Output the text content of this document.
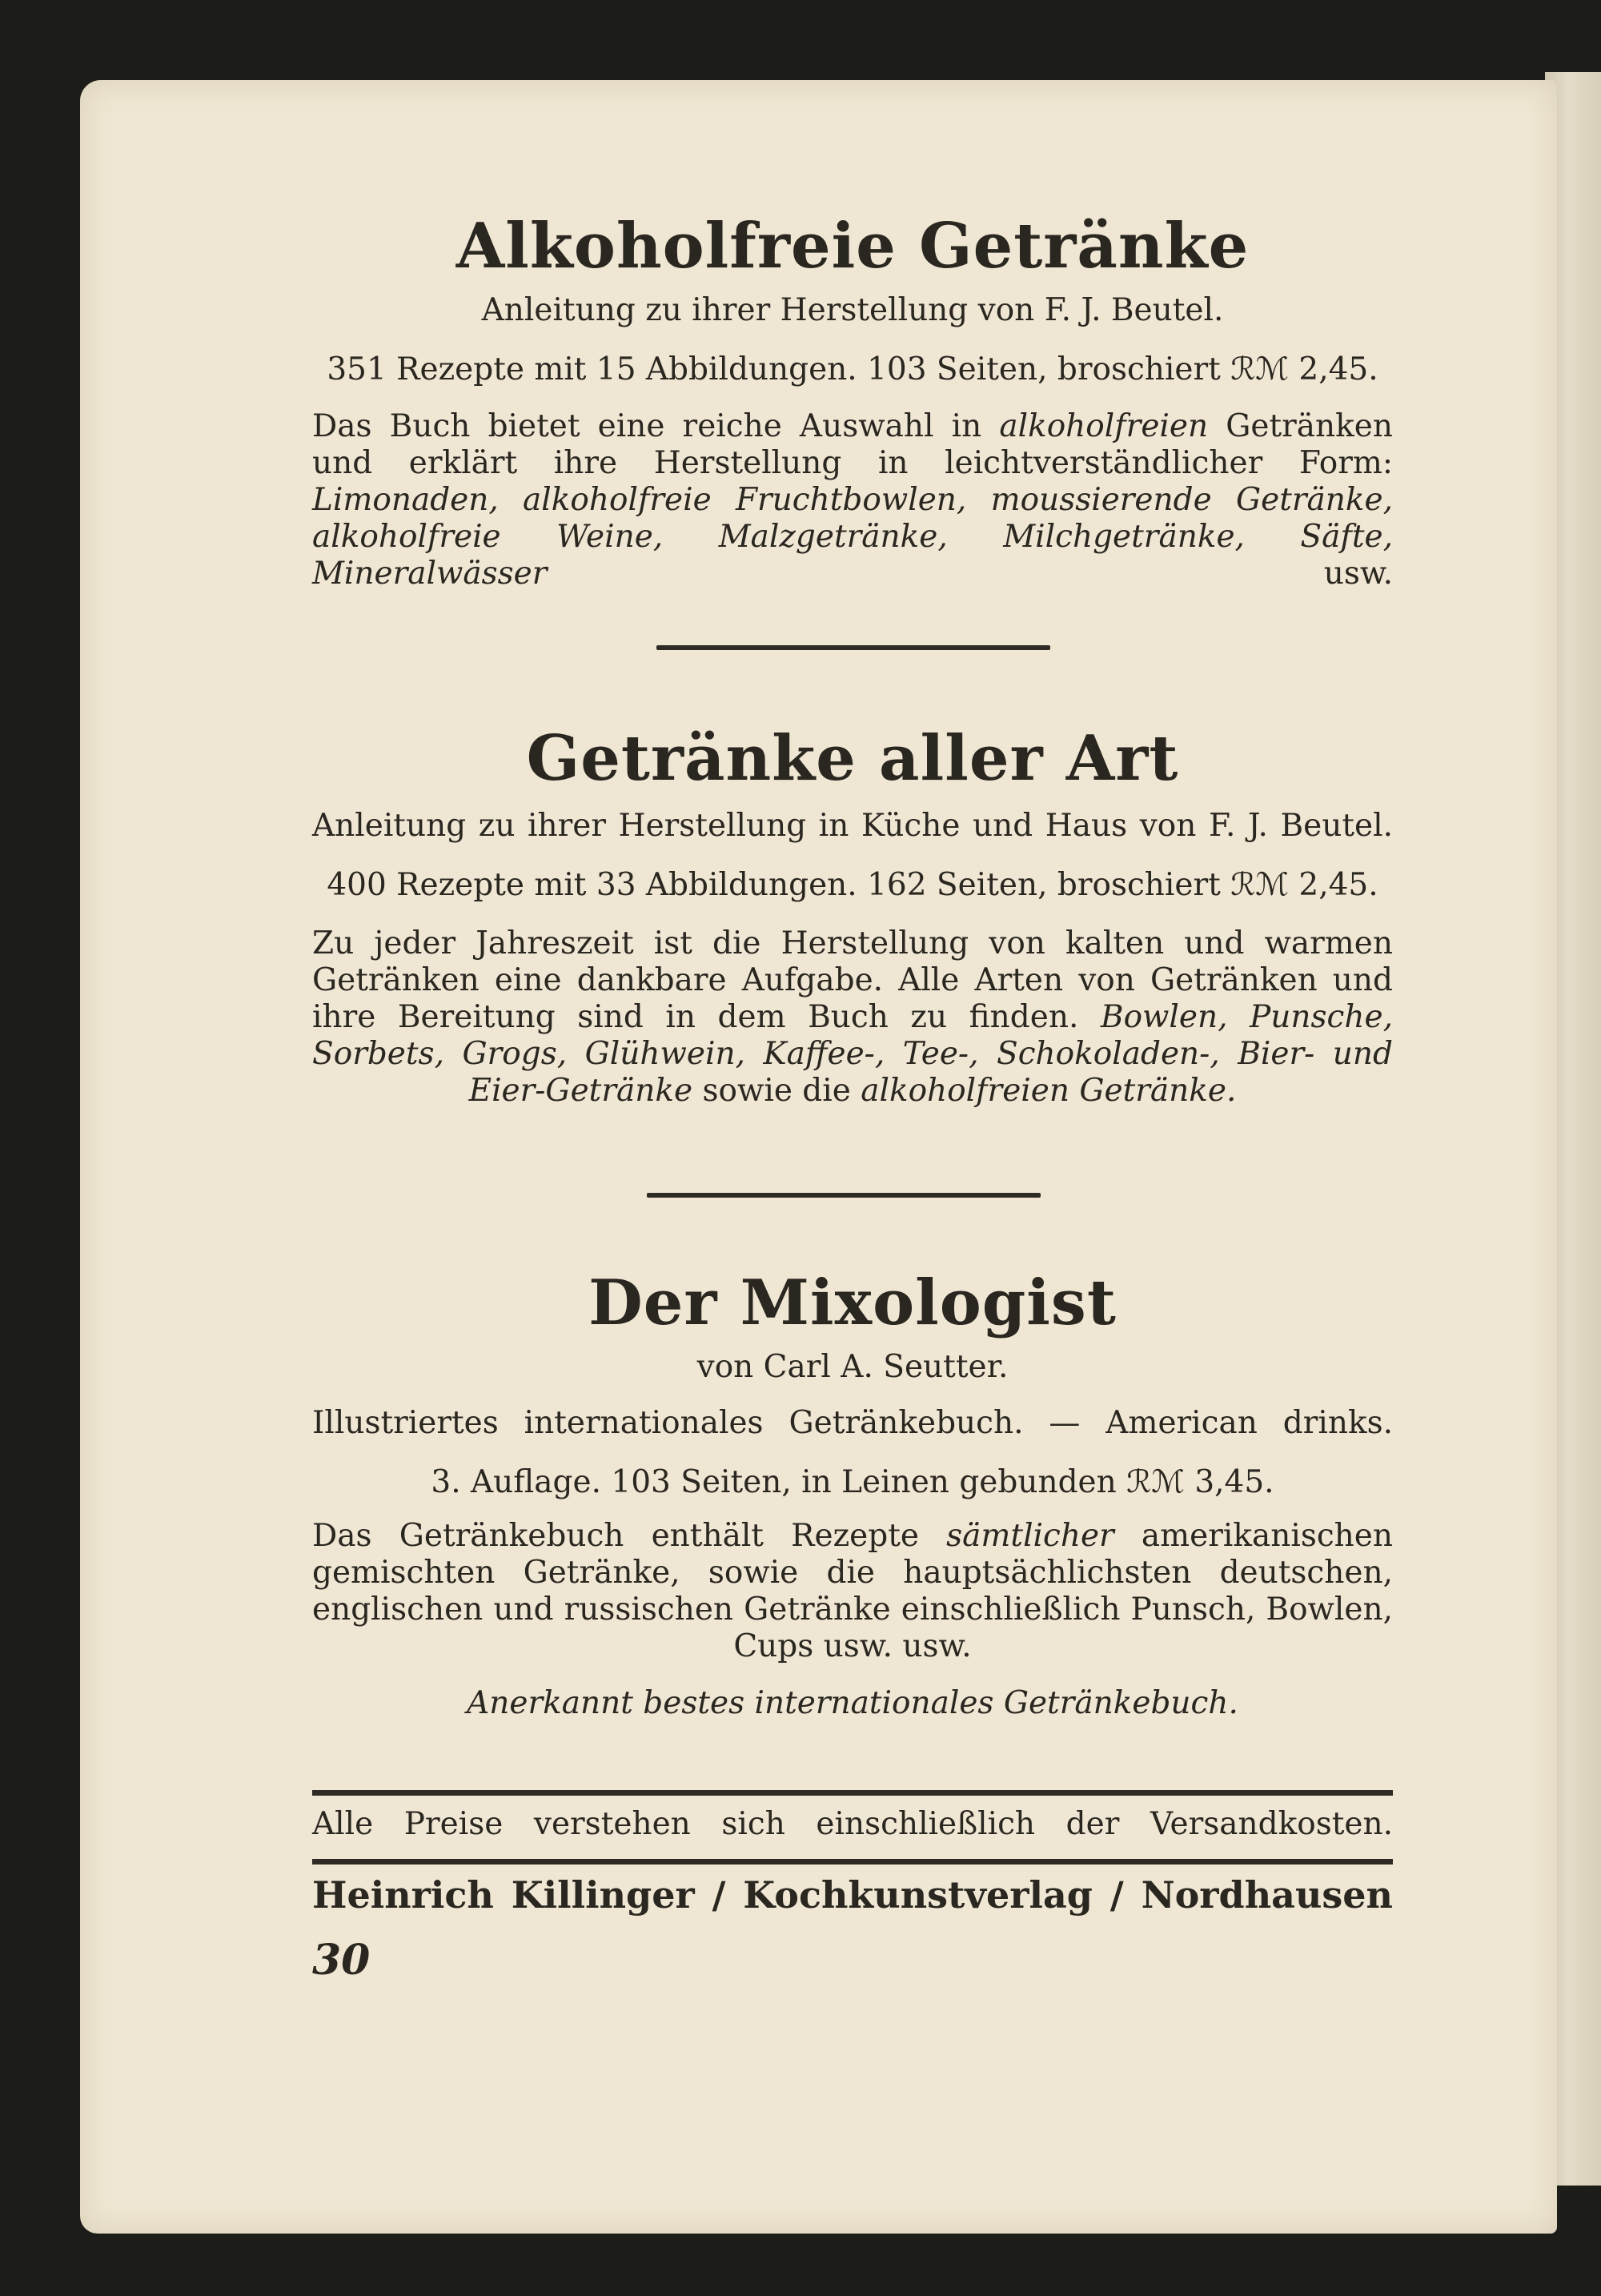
Alkoholfreie Getränke

Anleitung zu ihrer Herstellung von F. J. Beutel.

351 Rezepte mit 15 Abbildungen. 103 Seiten, broschiert ℛℳ 2,45.

Das Buch bietet eine reiche Auswahl in alkoholfreien Getränken und erklärt ihre Herstellung in leichtverständlicher Form: Limonaden, alkoholfreie Fruchtbowlen, moussierende Getränke, alkoholfreie Weine, Malzgetränke, Milchgetränke, Säfte, Mineralwässer usw.

Getränke aller Art

Anleitung zu ihrer Herstellung in Küche und Haus von F. J. Beutel.

400 Rezepte mit 33 Abbildungen. 162 Seiten, broschiert ℛℳ 2,45.

Zu jeder Jahreszeit ist die Herstellung von kalten und warmen Getränken eine dankbare Aufgabe. Alle Arten von Getränken und ihre Bereitung sind in dem Buch zu finden. Bowlen, Punsche, Sorbets, Grogs, Glühwein, Kaffee-, Tee-, Schokoladen-, Bier- und Eier-Getränke sowie die alkoholfreien Getränke.

Der Mixologist

von Carl A. Seutter.

Illustriertes internationales Getränkebuch. — American drinks.

3. Auflage. 103 Seiten, in Leinen gebunden ℛℳ 3,45.

Das Getränkebuch enthält Rezepte sämtlicher amerikanischen gemischten Getränke, sowie die hauptsächlichsten deutschen, englischen und russischen Getränke einschließlich Punsch, Bowlen, Cups usw. usw.

Anerkannt bestes internationales Getränkebuch.

Alle Preise verstehen sich einschließlich der Versandkosten.
Heinrich Killinger / Kochkunstverlag / Nordhausen
30
